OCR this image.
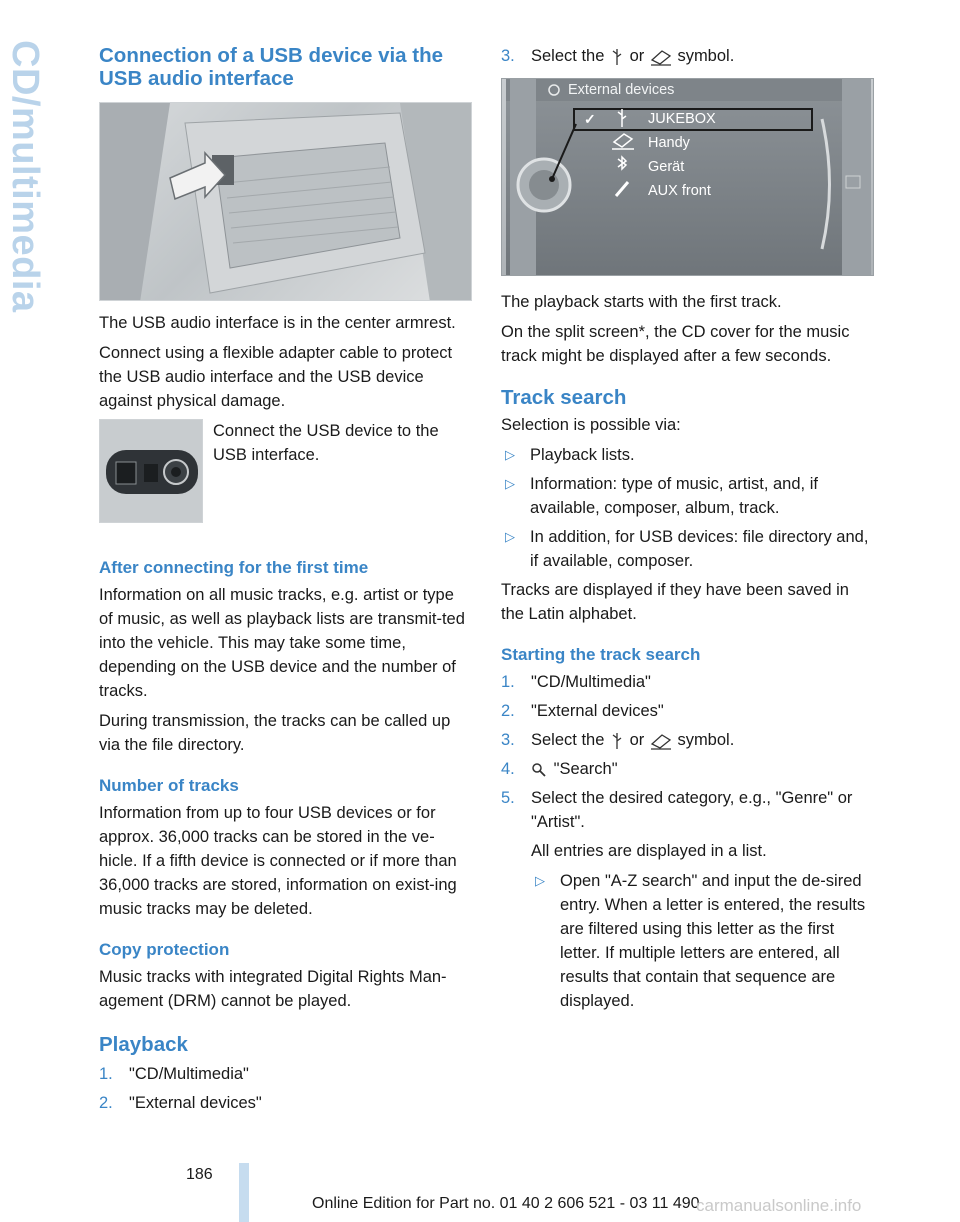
CD/multimedia	Connection of a USB device via the USB audio interface

The USB audio interface is in the center armrest.

Connect using a flexible adapter cable to protect the USB audio interface and the USB device against physical damage.

Connect the USB device to the USB interface.

After connecting for the first time

Information on all music tracks, e.g. artist or type of music, as well as playback lists are transmit-ted into the vehicle. This may take some time, depending on the USB device and the number of tracks.

During transmission, the tracks can be called up via the file directory.

Number of tracks

Information from up to four USB devices or for approx. 36,000 tracks can be stored in the ve-hicle. If a fifth device is connected or if more than 36,000 tracks are stored, information on exist-ing music tracks may be deleted.

Copy protection

Music tracks with integrated Digital Rights Man-agement (DRM) cannot be played.

Playback
1. "CD/Multimedia"
2. "External devices"
3. Select the or symbol.
External devices
✓	JUKEBOX
Handy
Gerät
AUX front

The playback starts with the first track.

On the split screen*, the CD cover for the music track might be displayed after a few seconds.

Track search

Selection is possible via:

▷ Playback lists.
▷ Information: type of music, artist, and, if available, composer, album, track.
▷ In addition, for USB devices: file directory and, if available, composer.

Tracks are displayed if they have been saved in the Latin alphabet.

Starting the track search
1. "CD/Multimedia"
2. "External devices"
3. Select the or symbol.
4.	"Search"
5. Select the desired category, e.g., "Genre" or "Artist".

All entries are displayed in a list.

▷ Open "A-Z search" and input the de-sired entry. When a letter is entered, the results are filtered using this letter as the first letter. If multiple letters are entered, all results that contain that sequence are displayed.
186
Online Edition for Part no. 01 40 2 606 521 - 03 11 490
carmanualsonline.info
